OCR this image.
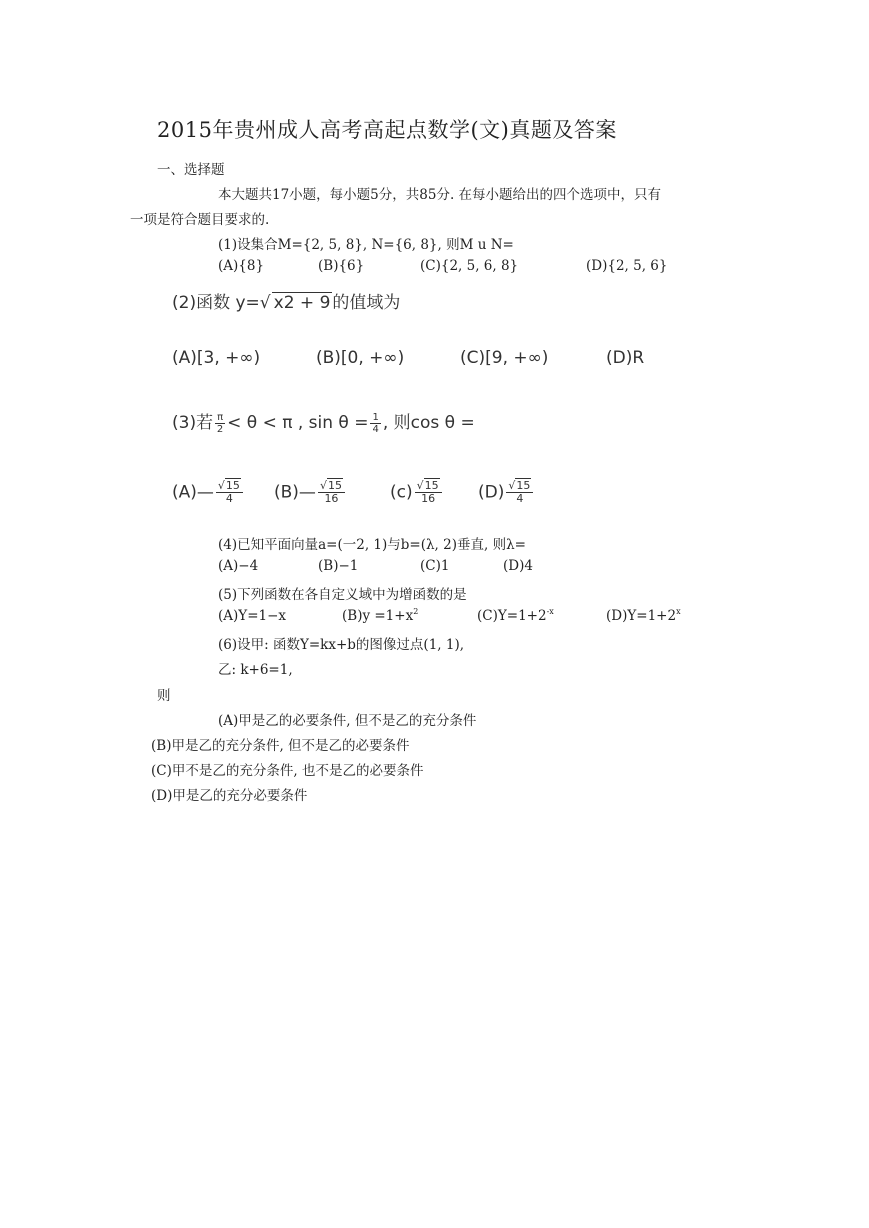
2015年贵州成人高考高起点数学(文)真题及答案
一、选择题
本大题共17小题，每小题5分，共85分. 在每小题给出的四个选项中，只有
一项是符合题目要求的.
(1)设集合M={2, 5, 8}, N={6, 8}, 则M u N=
(A){8}	(B){6}	(C){2, 5, 6, 8}	(D){2, 5, 6}
(2)函数 y=√ x2 + 9 的值域为
(A)[3, +∞)	(B)[0, +∞)	(C)[9, +∞)	(D)R
(3)若 $\frac{\pi}{2} < \theta < \pi$ , $\sin \theta = \frac{1}{4}$ , 则cos θ =
(A)— $\frac{√15}{4}$ (B)— $\frac{√15}{16}$	$(c) \frac{√15}{16} (D) \frac{√15}{4}$
(4)已知平面向量a=(一2, 1)与b=(λ, 2)垂直, 则λ=
(A)−4	(B)−1	(C)1	(D)4
(5)下列函数在各自定义域中为增函数的是
(A)Y=1−x	$(B)y =1+x^2$	$(C)Y=1+2^{-x}$	$(D)Y=1+2^x$
(6)设甲: 函数Y=kx+b的图像过点(1, 1),
乙: k+6=1,
则
(A)甲是乙的必要条件, 但不是乙的充分条件
(B)甲是乙的充分条件, 但不是乙的必要条件
(C)甲不是乙的充分条件, 也不是乙的必要条件
(D)甲是乙的充分必要条件
